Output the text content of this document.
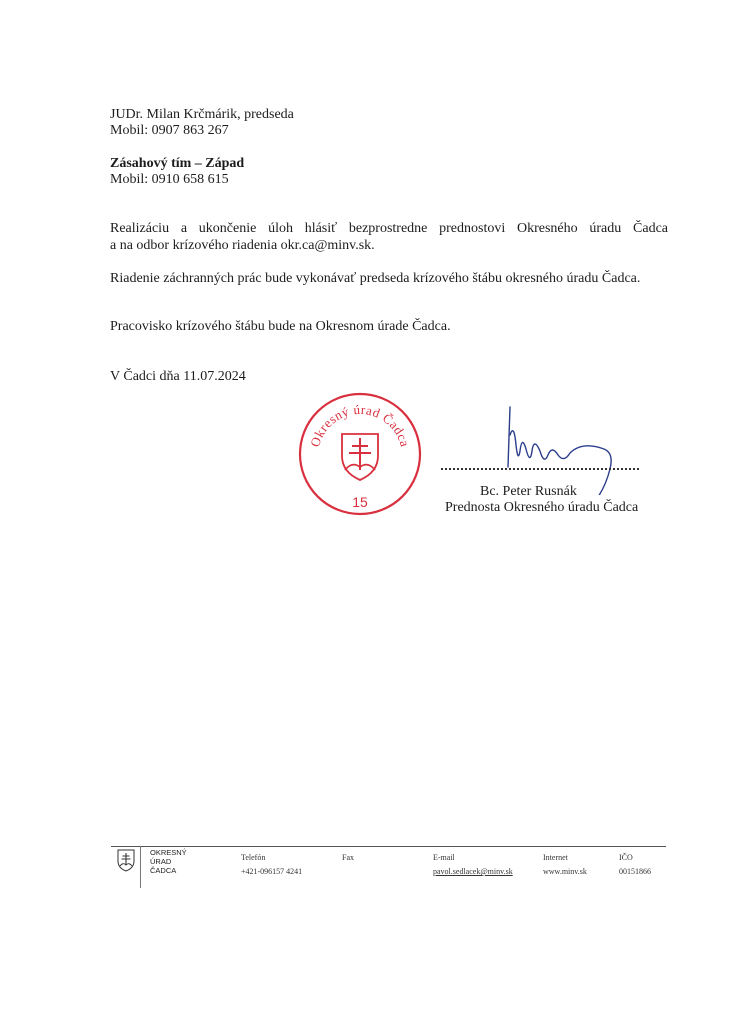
JUDr. Milan Krčmárik, predseda
Mobil: 0907 863 267
Zásahový tím – Západ
Mobil: 0910 658 615
Realizáciu a ukončenie úloh hlásiť bezprostredne prednostovi Okresného úradu Čadca
a na odbor krízového riadenia okr.ca@minv.sk.
Riadenie záchranných prác bude vykonávať predseda krízového štábu okresného úradu Čadca.
Pracovisko krízového štábu bude na Okresnom úrade Čadca.
V Čadci dňa 11.07.2024
Okresný úrad Čadca
15
Bc. Peter Rusnák
Prednosta Okresného úradu Čadca
OKRESNÝ
ÚRAD
ČADCA
Telefón
+421-096157 4241
Fax	E-mail
pavol.sedlacek@minv.sk
Internet
www.minv.sk
IČO
00151866
